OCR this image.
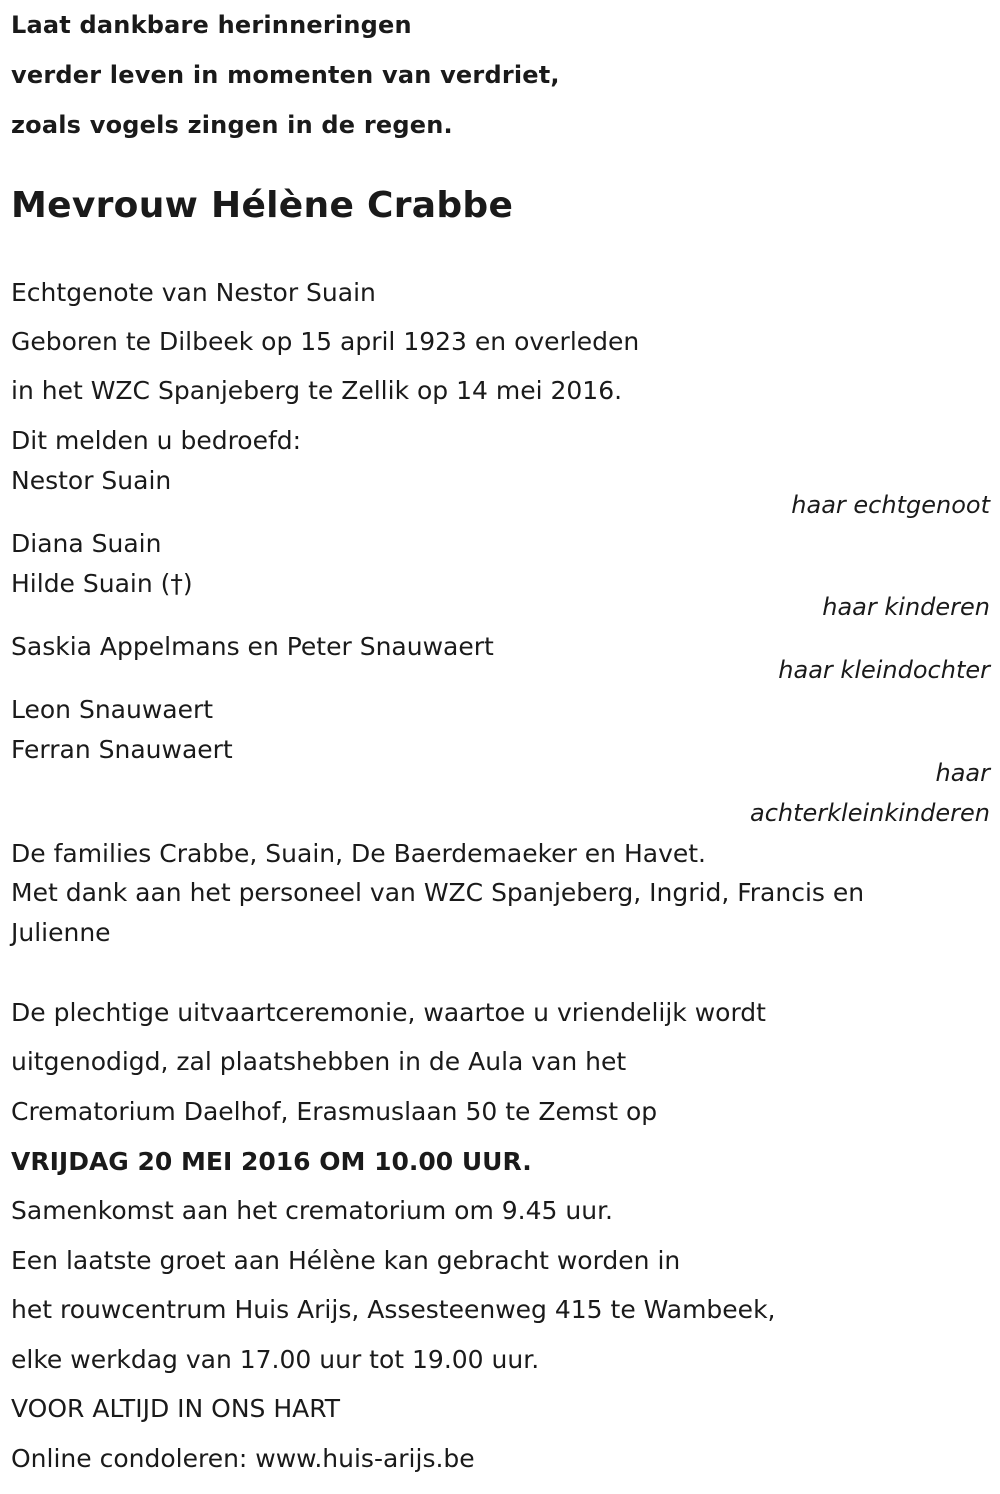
Laat dankbare herinneringen
verder leven in momenten van verdriet,
zoals vogels zingen in de regen.
Mevrouw Hélène Crabbe
Echtgenote van Nestor Suain
Geboren te Dilbeek op 15 april 1923 en overleden
in het WZC Spanjeberg te Zellik op 14 mei 2016.
Dit melden u bedroefd:
Nestor Suain
haar echtgenoot
Diana Suain
Hilde Suain (†)
haar kinderen
Saskia Appelmans en Peter Snauwaert
haar kleindochter
Leon Snauwaert
Ferran Snauwaert
haar
achterkleinkinderen
De families Crabbe, Suain, De Baerdemaeker en Havet.
Met dank aan het personeel van WZC Spanjeberg, Ingrid, Francis en
Julienne
De plechtige uitvaartceremonie, waartoe u vriendelijk wordt
uitgenodigd, zal plaatshebben in de Aula van het
Crematorium Daelhof, Erasmuslaan 50 te Zemst op
VRIJDAG 20 MEI 2016 OM 10.00 UUR.
Samenkomst aan het crematorium om 9.45 uur.
Een laatste groet aan Hélène kan gebracht worden in
het rouwcentrum Huis Arijs, Assesteenweg 415 te Wambeek,
elke werkdag van 17.00 uur tot 19.00 uur.
VOOR ALTIJD IN ONS HART
Online condoleren: www.huis-arijs.be
